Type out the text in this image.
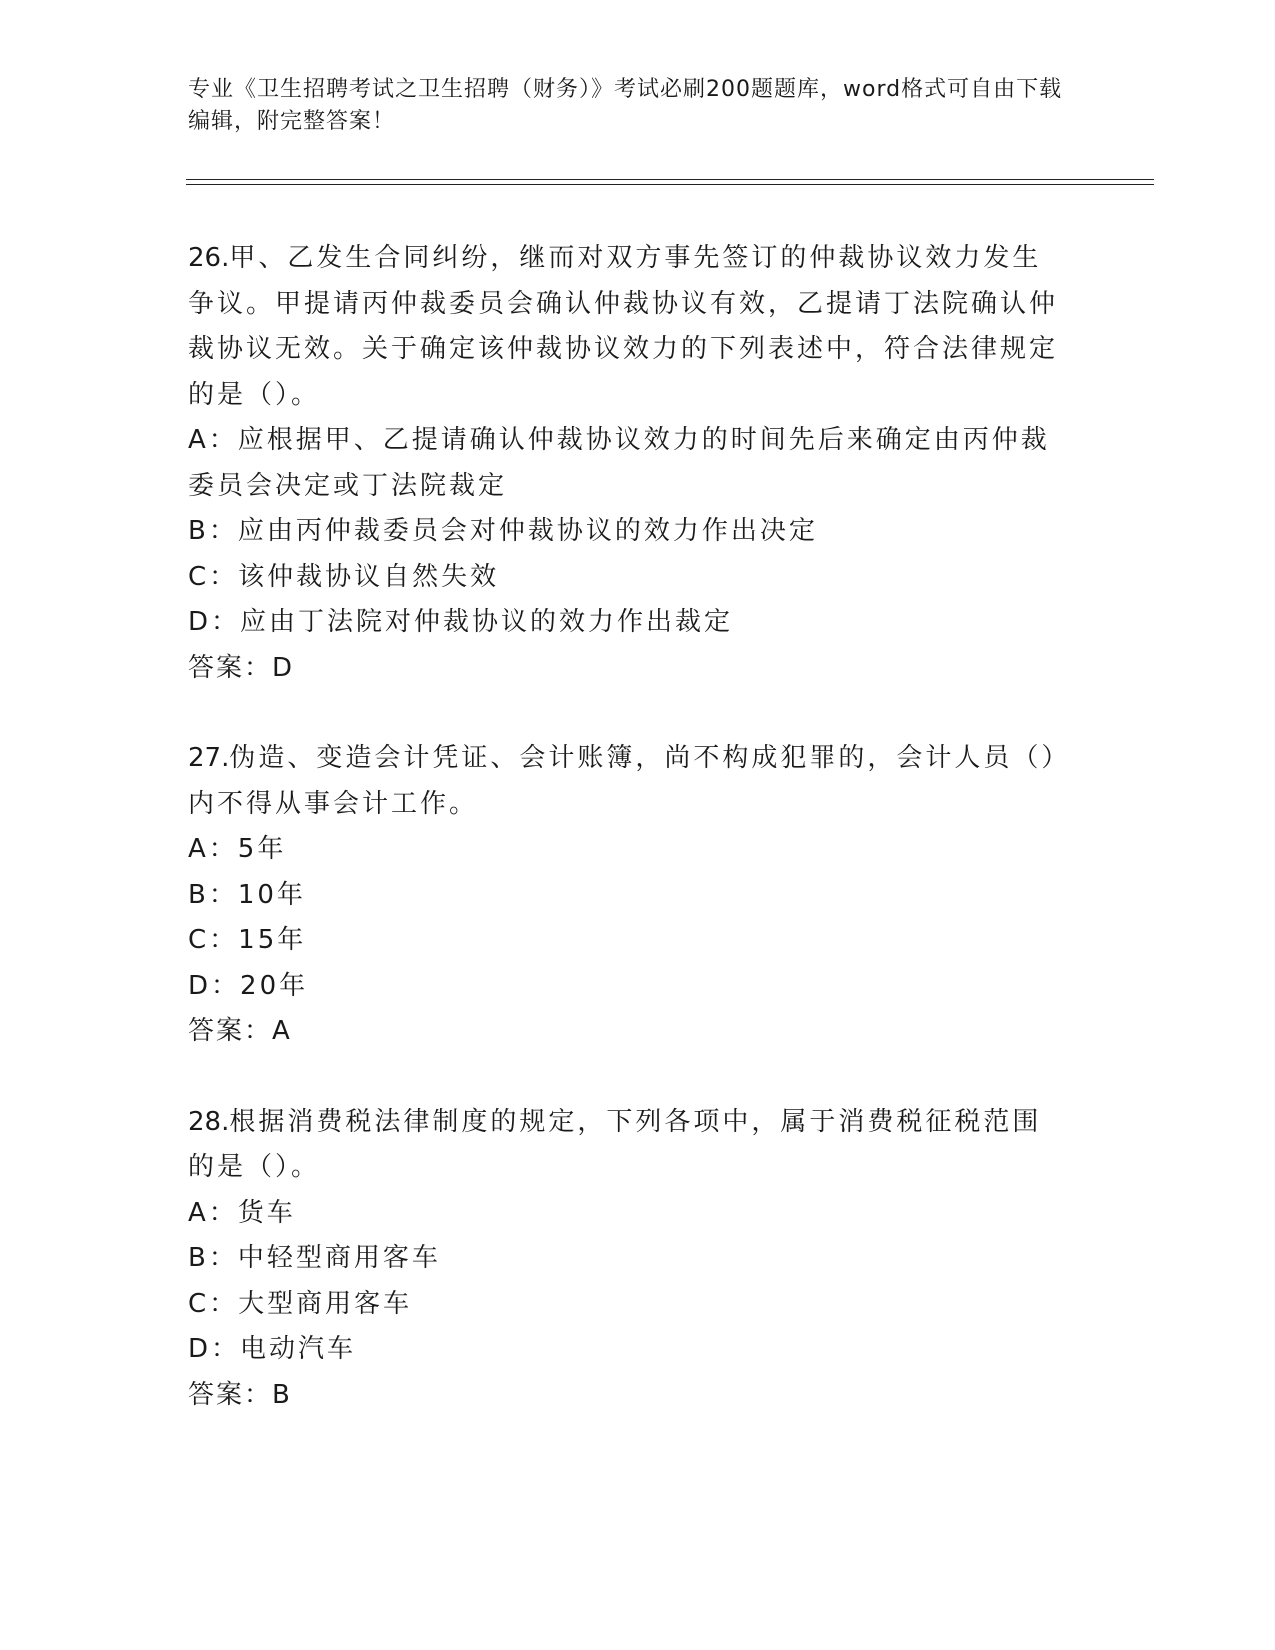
专业《卫生招聘考试之卫生招聘（财务）》考试必刷200题题库，word格式可自由下载编辑，附完整答案！
26.甲、乙发生合同纠纷，继而对双方事先签订的仲裁协议效力发生争议。甲提请丙仲裁委员会确认仲裁协议有效，乙提请丁法院确认仲裁协议无效。关于确定该仲裁协议效力的下列表述中，符合法律规定的是（）。
A：应根据甲、乙提请确认仲裁协议效力的时间先后来确定由丙仲裁委员会决定或丁法院裁定
B：应由丙仲裁委员会对仲裁协议的效力作出决定
C：该仲裁协议自然失效
D：应由丁法院对仲裁协议的效力作出裁定
答案：D
27.伪造、变造会计凭证、会计账簿，尚不构成犯罪的，会计人员（）内不得从事会计工作。
A：5年
B：10年
C：15年
D：20年
答案：A
28.根据消费税法律制度的规定，下列各项中，属于消费税征税范围的是（）。
A：货车
B：中轻型商用客车
C：大型商用客车
D：电动汽车
答案：B
